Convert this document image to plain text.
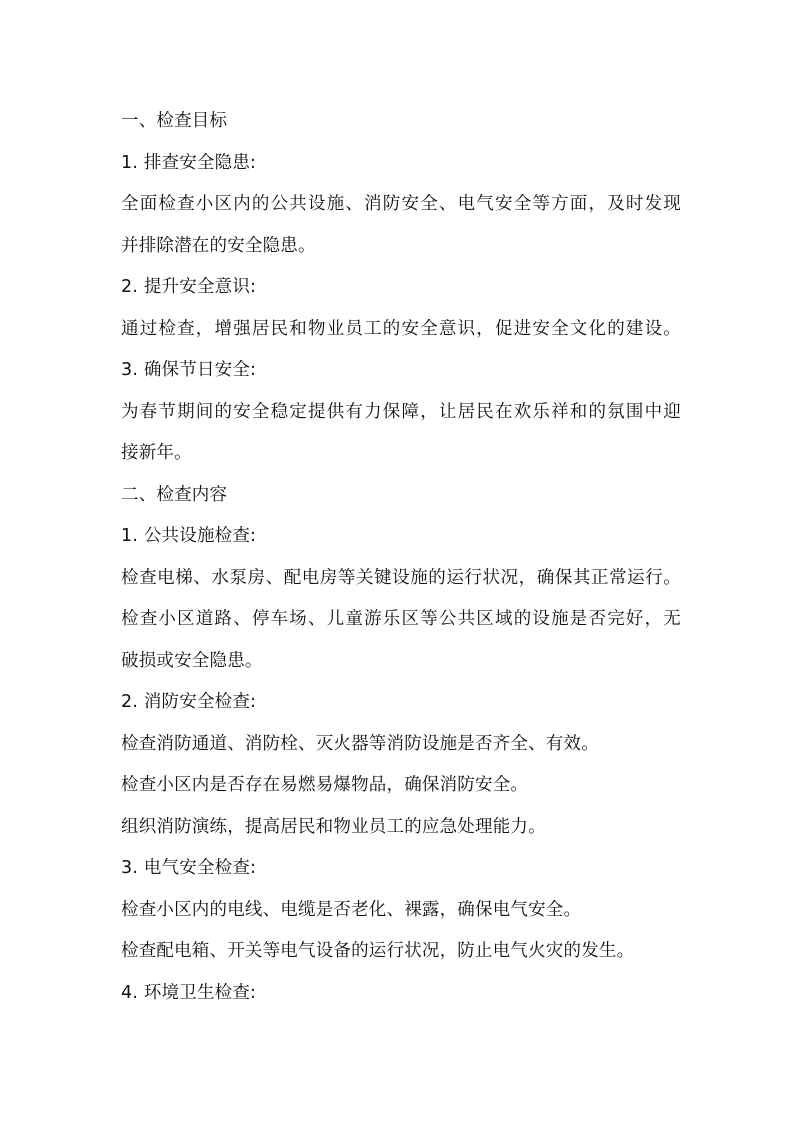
一、检查目标
1. 排查安全隐患:
全面检查小区内的公共设施、消防安全、电气安全等方面，及时发现
并排除潜在的安全隐患。
2. 提升安全意识:
通过检查，增强居民和物业员工的安全意识，促进安全文化的建设。
3. 确保节日安全:
为春节期间的安全稳定提供有力保障，让居民在欢乐祥和的氛围中迎
接新年。
二、检查内容
1. 公共设施检查:
检查电梯、水泵房、配电房等关键设施的运行状况，确保其正常运行。
检查小区道路、停车场、儿童游乐区等公共区域的设施是否完好，无
破损或安全隐患。
2. 消防安全检查:
检查消防通道、消防栓、灭火器等消防设施是否齐全、有效。
检查小区内是否存在易燃易爆物品，确保消防安全。
组织消防演练，提高居民和物业员工的应急处理能力。
3. 电气安全检查:
检查小区内的电线、电缆是否老化、裸露，确保电气安全。
检查配电箱、开关等电气设备的运行状况，防止电气火灾的发生。
4. 环境卫生检查:
